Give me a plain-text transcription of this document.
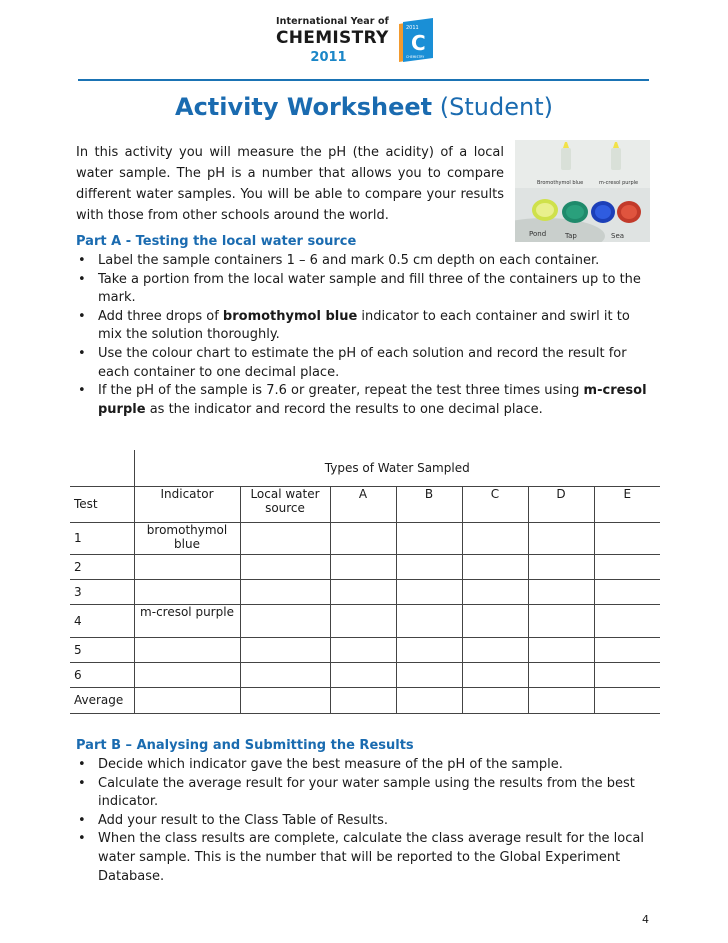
International Year of
CHEMISTRY
2011
2011
C
CHEMISTRY
Activity Worksheet (Student)
In this activity you will measure the pH (the acidity) of a local water sample. The pH is a number that allows you to compare different water samples. You will be able to compare your results with those from other schools around the world.
Bromothymol blue	m-cresol purple
Pond	Tap	Sea
Part A - Testing the local water source
• Label the sample containers 1 – 6 and mark 0.5 cm depth on each container.
• Take a portion from the local water sample and fill three of the containers up to the mark.
• Add three drops of bromothymol blue indicator to each container and swirl it to mix the solution thoroughly.
• Use the colour chart to estimate the pH of each solution and record the result for each container to one decimal place.
• If the pH of the sample is 7.6 or greater, repeat the test three times using m-cresol purple as the indicator and record the results to one decimal place.
	Types of Water Sampled						
Test	Indicator	Local water source	A	B	C	D	E
1	bromothymol blue						
2							
3							
4	m-cresol purple						
5							
6							
Average							
Part B – Analysing and Submitting the Results
• Decide which indicator gave the best measure of the pH of the sample.
• Calculate the average result for your water sample using the results from the best indicator.
• Add your result to the Class Table of Results.
• When the class results are complete, calculate the class average result for the local water sample. This is the number that will be reported to the Global Experiment Database.
4
